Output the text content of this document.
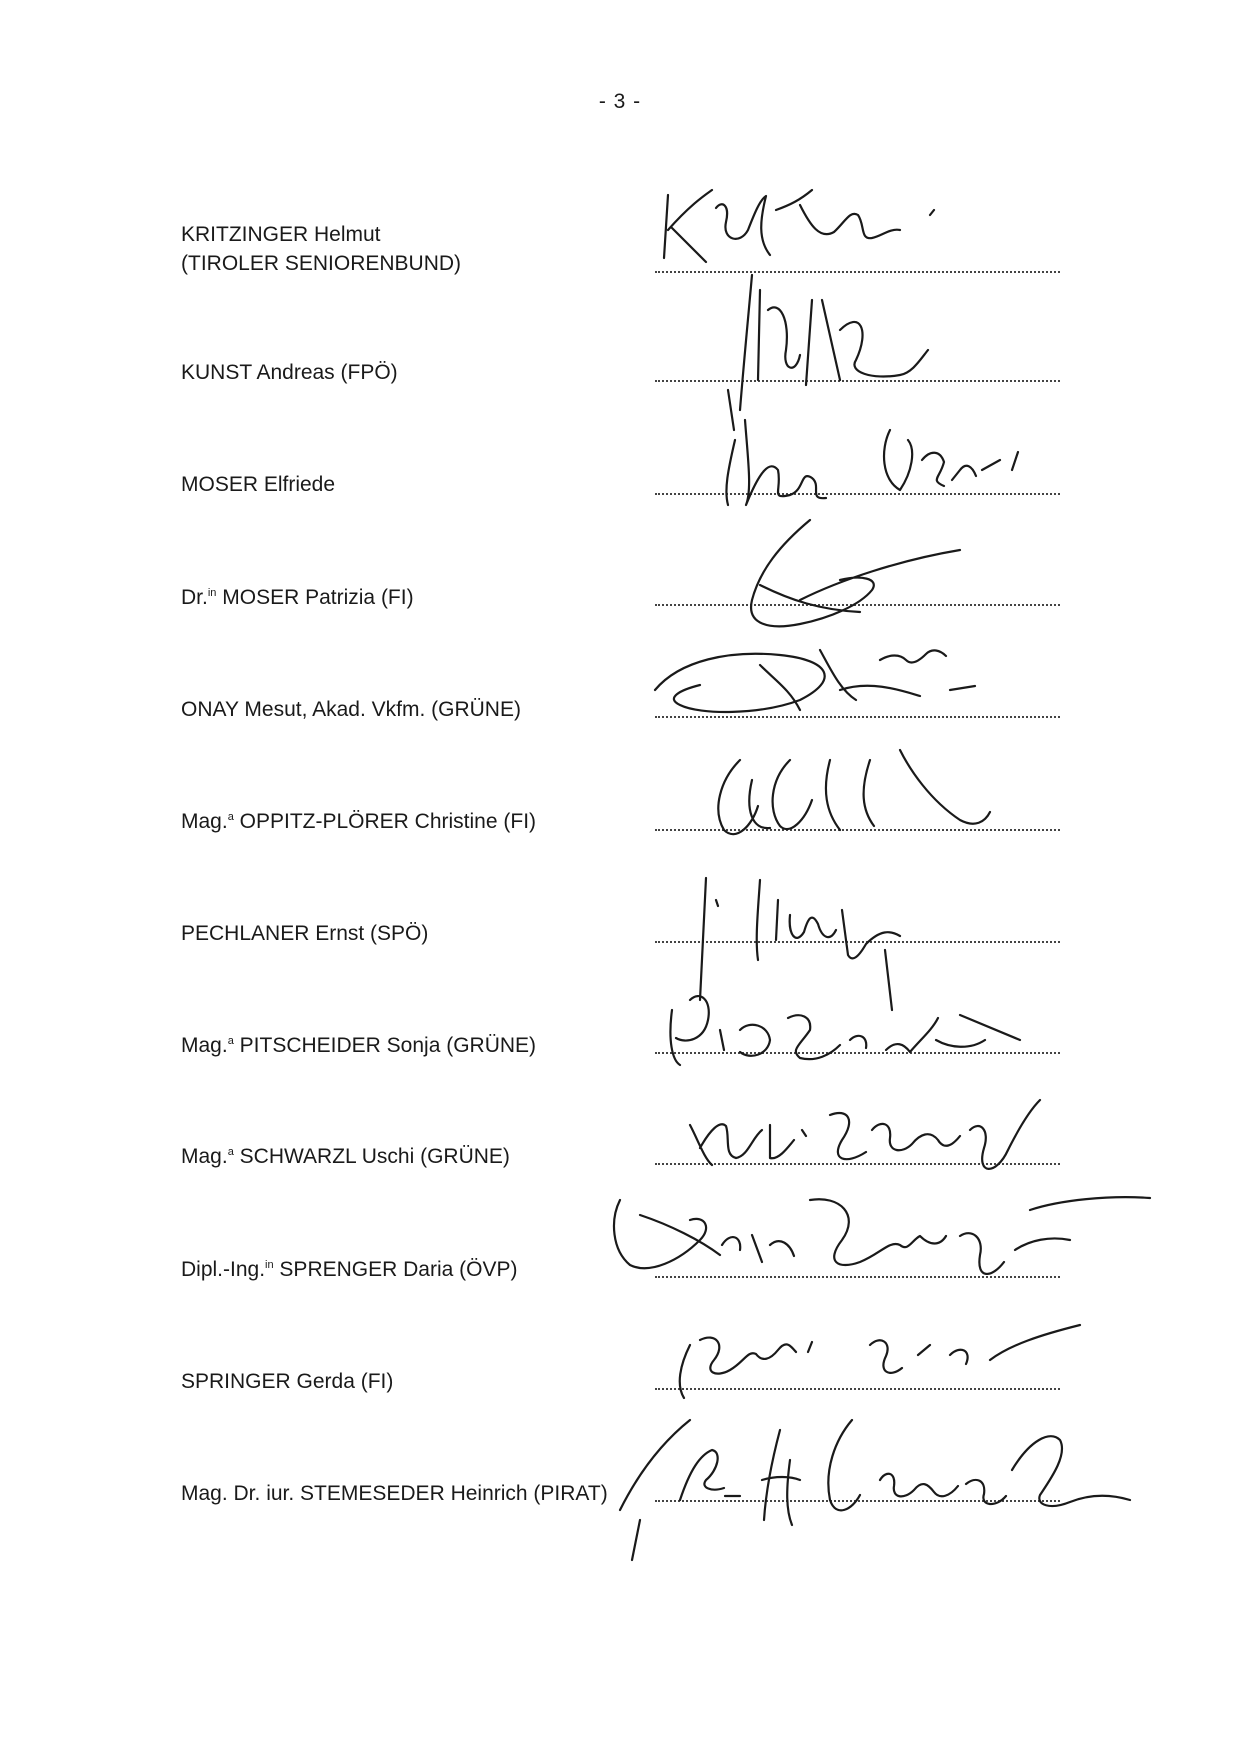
- 3 -
KRITZINGER Helmut
(TIROLER SENIORENBUND)
KUNST Andreas (FPÖ)
MOSER Elfriede
Dr.$^{in}$ MOSER Patrizia (FI)
ONAY Mesut, Akad. Vkfm. (GRÜNE)
Mag.$^a$ OPPITZ-PLÖRER Christine (FI)
PECHLANER Ernst (SPÖ)
Mag.$^a$ PITSCHEIDER Sonja (GRÜNE)
Mag.$^a$ SCHWARZL Uschi (GRÜNE)
Dipl.-Ing.$^{in}$ SPRENGER Daria (ÖVP)
SPRINGER Gerda (FI)
Mag. Dr. iur. STEMESEDER Heinrich (PIRAT)
